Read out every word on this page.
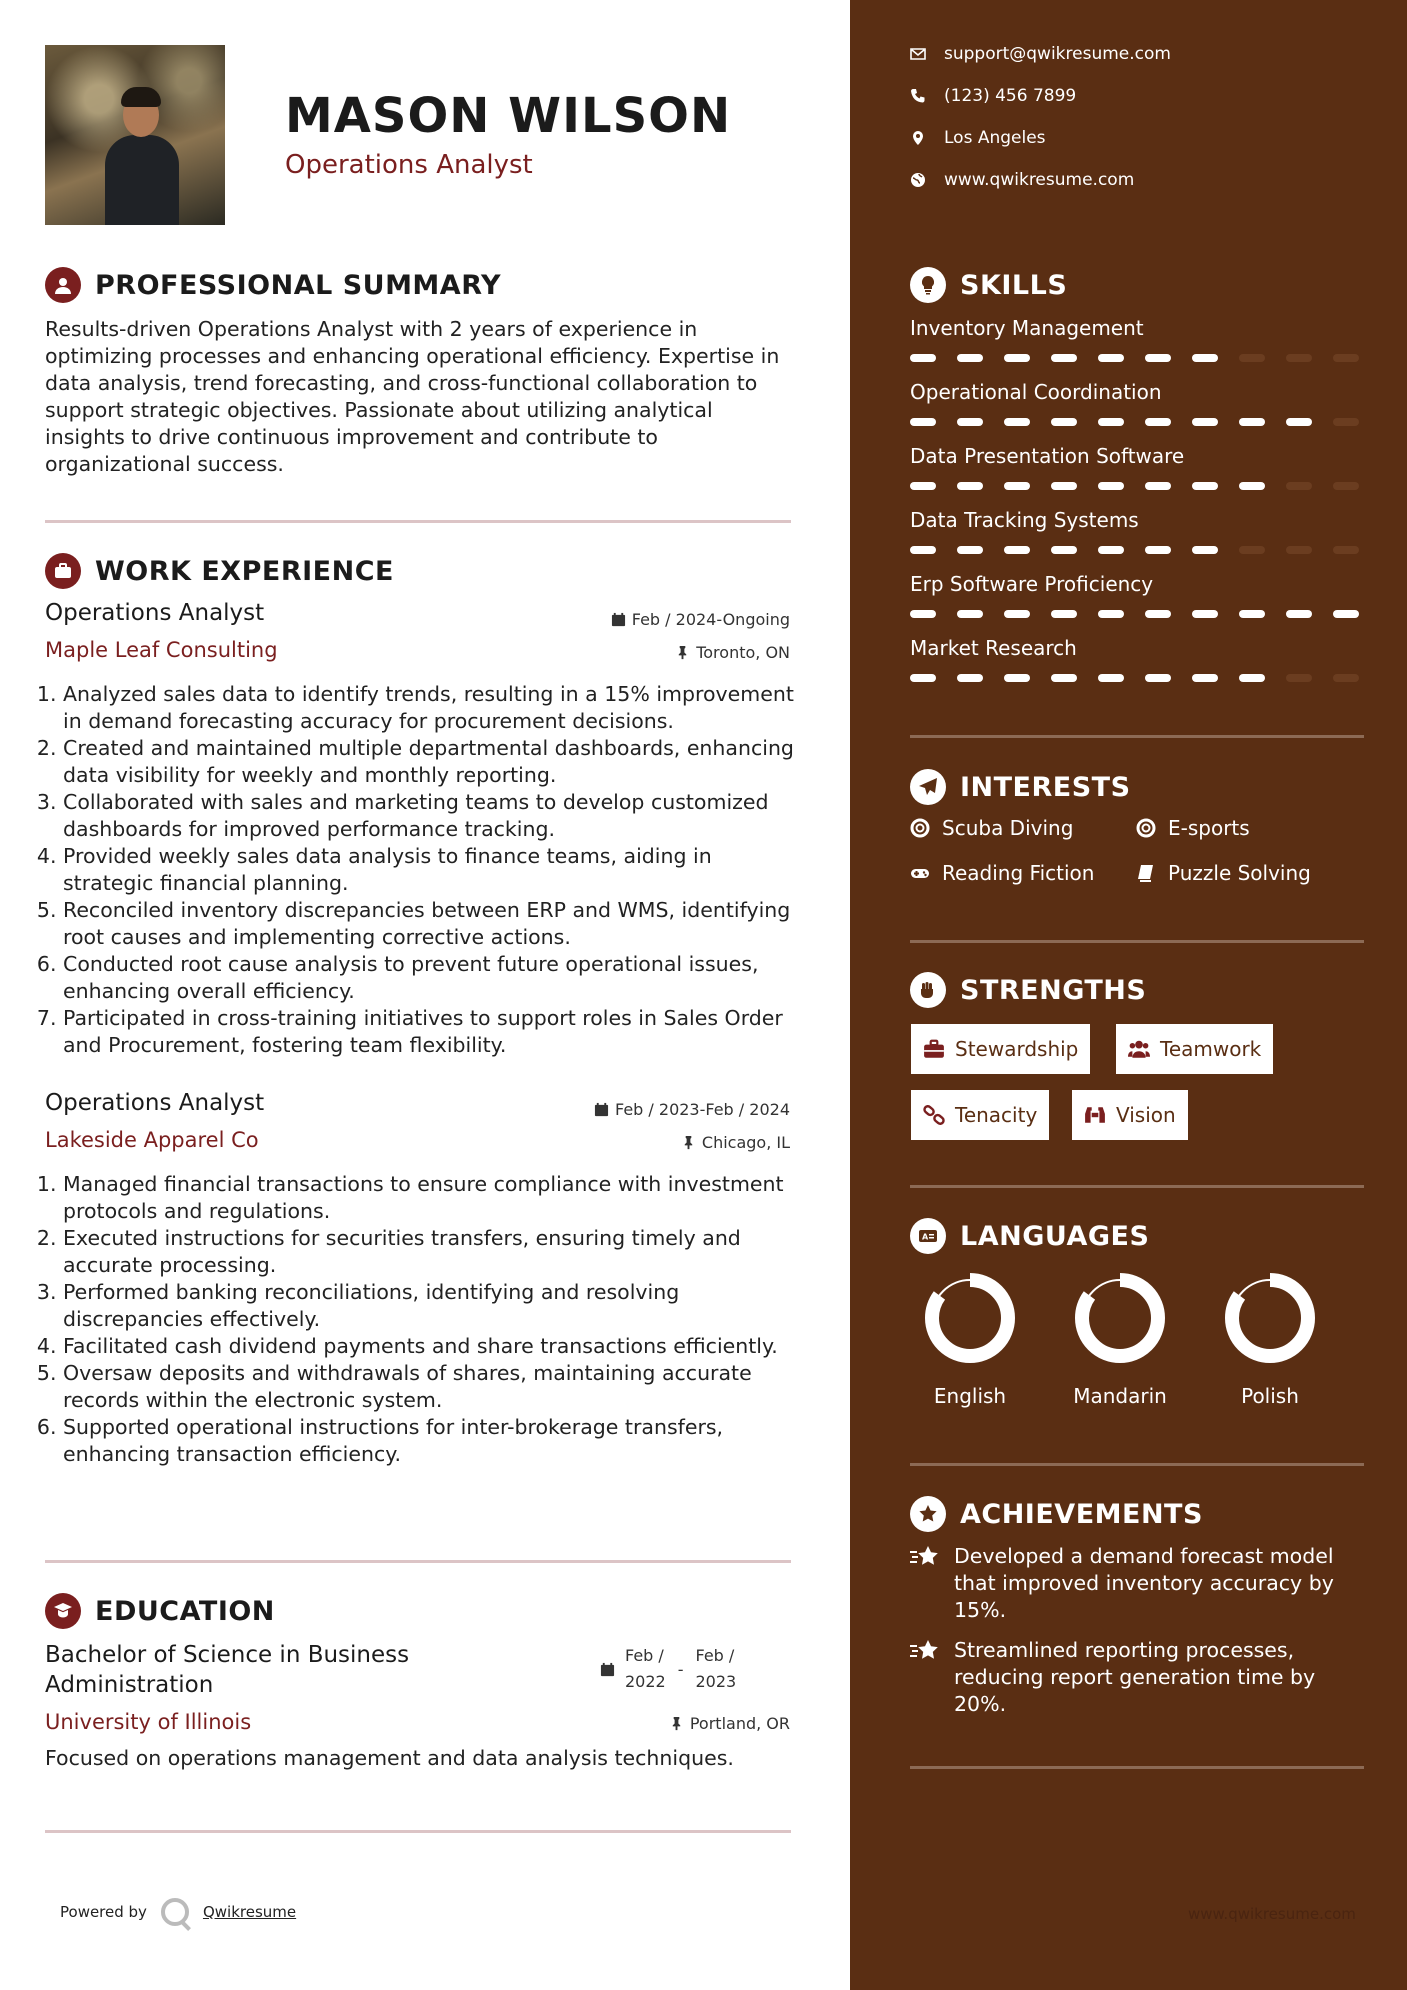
MASON WILSON
Operations Analyst
PROFESSIONAL SUMMARY
Results-driven Operations Analyst with 2 years of experience in optimizing processes and enhancing operational efficiency. Expertise in data analysis, trend forecasting, and cross-functional collaboration to support strategic objectives. Passionate about utilizing analytical insights to drive continuous improvement and contribute to organizational success.
WORK EXPERIENCE
Operations Analyst	Feb / 2024-Ongoing
Maple Leaf Consulting	Toronto, ON
1. Analyzed sales data to identify trends, resulting in a 15% improvement in demand forecasting accuracy for procurement decisions.
2. Created and maintained multiple departmental dashboards, enhancing data visibility for weekly and monthly reporting.
3. Collaborated with sales and marketing teams to develop customized dashboards for improved performance tracking.
4. Provided weekly sales data analysis to finance teams, aiding in strategic financial planning.
5. Reconciled inventory discrepancies between ERP and WMS, identifying root causes and implementing corrective actions.
6. Conducted root cause analysis to prevent future operational issues, enhancing overall efficiency.
7. Participated in cross-training initiatives to support roles in Sales Order and Procurement, fostering team flexibility.
Operations Analyst	Feb / 2023-Feb / 2024
Lakeside Apparel Co	Chicago, IL
1. Managed financial transactions to ensure compliance with investment protocols and regulations.
2. Executed instructions for securities transfers, ensuring timely and accurate processing.
3. Performed banking reconciliations, identifying and resolving discrepancies effectively.
4. Facilitated cash dividend payments and share transactions efficiently.
5. Oversaw deposits and withdrawals of shares, maintaining accurate records within the electronic system.
6. Supported operational instructions for inter-brokerage transfers, enhancing transaction efficiency.
EDUCATION
Bachelor of Science in Business
Administration
Feb /
2022
-
Feb /
2023
University of Illinois	Portland, OR
Focused on operations management and data analysis techniques.
Powered by	Qwikresume
support@qwikresume.com
(123) 456 7899
Los Angeles
www.qwikresume.com
SKILLS
Inventory Management
Operational Coordination
Data Presentation Software
Data Tracking Systems
Erp Software Proficiency
Market Research
INTERESTS
Scuba Diving	E-sports
Reading Fiction	Puzzle Solving
STRENGTHS
Stewardship	Teamwork
Tenacity	Vision
A LANGUAGES
English	Mandarin	Polish
ACHIEVEMENTS
Developed a demand forecast model that improved inventory accuracy by 15%.
Streamlined reporting processes, reducing report generation time by 20%.
www.qwikresume.com
